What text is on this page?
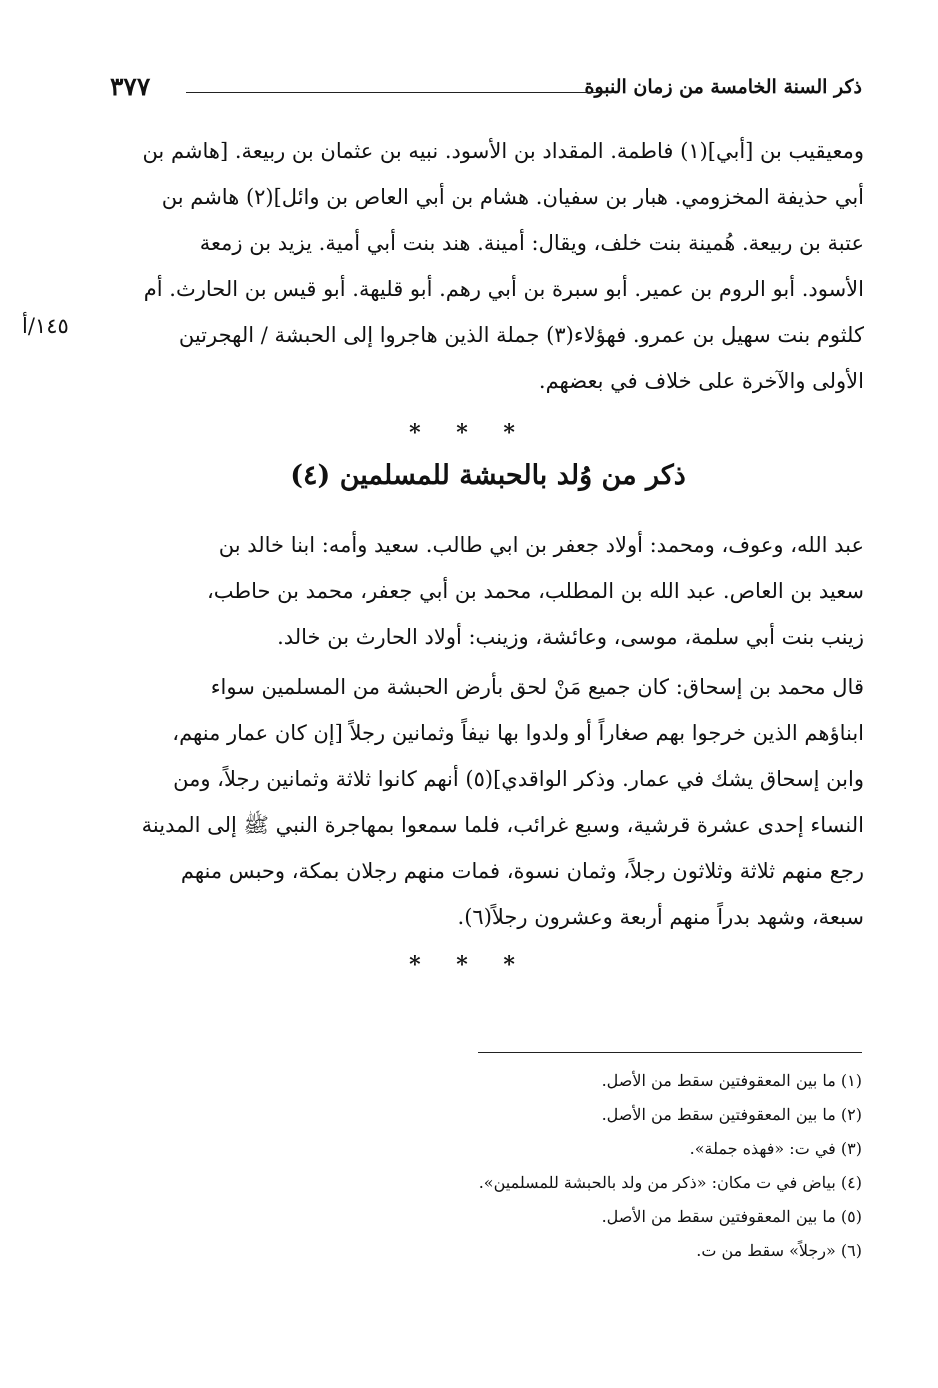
ذكر السنة الخامسة من زمان النبوة
٣٧٧
ومعيقيب بن [أبي](١) فاطمة. المقداد بن الأسود. نبيه بن عثمان بن ربيعة. [هاشم بن
أبي حذيفة المخزومي. هبار بن سفيان. هشام بن أبي العاص بن وائل](٢) هاشم بن
عتبة بن ربيعة. هُمينة بنت خلف، ويقال: أمينة. هند بنت أبي أمية. يزيد بن زمعة
الأسود. أبو الروم بن عمير. أبو سبرة بن أبي رهم. أبو قليهة. أبو قيس بن الحارث. أم
كلثوم بنت سهيل بن عمرو. فهؤلاء(٣) جملة الذين هاجروا إلى الحبشة / الهجرتين
الأولى والآخرة على خلاف في بعضهم.
١٤٥/أ
* * *
ذكر من وُلد بالحبشة للمسلمين (٤)
عبد الله، وعوف، ومحمد: أولاد جعفر بن ابي طالب. سعيد وأمه: ابنا خالد بن
سعيد بن العاص. عبد الله بن المطلب، محمد بن أبي جعفر، محمد بن حاطب،
زينب بنت أبي سلمة، موسى، وعائشة، وزينب: أولاد الحارث بن خالد.
قال محمد بن إسحاق: كان جميع مَنْ لحق بأرض الحبشة من المسلمين سواء
ابناؤهم الذين خرجوا بهم صغاراً أو ولدوا بها نيفاً وثمانين رجلاً [إن كان عمار منهم،
وابن إسحاق يشك في عمار. وذكر الواقدي](٥) أنهم كانوا ثلاثة وثمانين رجلاً، ومن
النساء إحدى عشرة قرشية، وسبع غرائب، فلما سمعوا بمهاجرة النبي ﷺ إلى المدينة
رجع منهم ثلاثة وثلاثون رجلاً، وثمان نسوة، فمات منهم رجلان بمكة، وحبس منهم
سبعة، وشهد بدراً منهم أربعة وعشرون رجلاً(٦).
* * *
(١) ما بين المعقوفتين سقط من الأصل.
(٢) ما بين المعقوفتين سقط من الأصل.
(٣) في ت: «فهذه جملة».
(٤) بياض في ت مكان: «ذكر من ولد بالحبشة للمسلمين».
(٥) ما بين المعقوفتين سقط من الأصل.
(٦) «رجلاً» سقط من ت.
